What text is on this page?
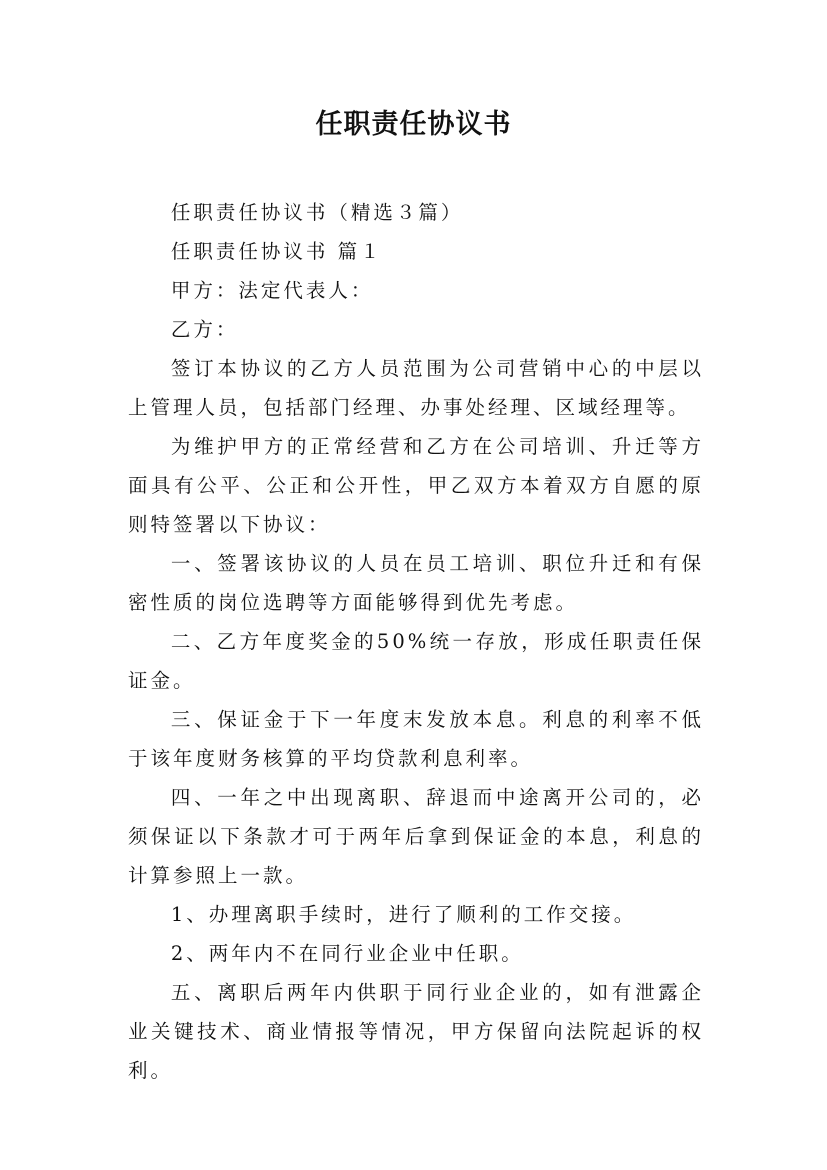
任职责任协议书

任职责任协议书（精选３篇）

任职责任协议书 篇１

甲方：法定代表人：

乙方：

签订本协议的乙方人员范围为公司营销中心的中层以上管理人员，包括部门经理、办事处经理、区域经理等。

为维护甲方的正常经营和乙方在公司培训、升迁等方面具有公平、公正和公开性，甲乙双方本着双方自愿的原则特签署以下协议：

一、签署该协议的人员在员工培训、职位升迁和有保密性质的岗位选聘等方面能够得到优先考虑。

二、乙方年度奖金的50%统一存放，形成任职责任保证金。

三、保证金于下一年度末发放本息。利息的利率不低于该年度财务核算的平均贷款利息利率。

四、一年之中出现离职、辞退而中途离开公司的，必须保证以下条款才可于两年后拿到保证金的本息，利息的计算参照上一款。

1、办理离职手续时，进行了顺利的工作交接。

2、两年内不在同行业企业中任职。

五、离职后两年内供职于同行业企业的，如有泄露企业关键技术、商业情报等情况，甲方保留向法院起诉的权利。
